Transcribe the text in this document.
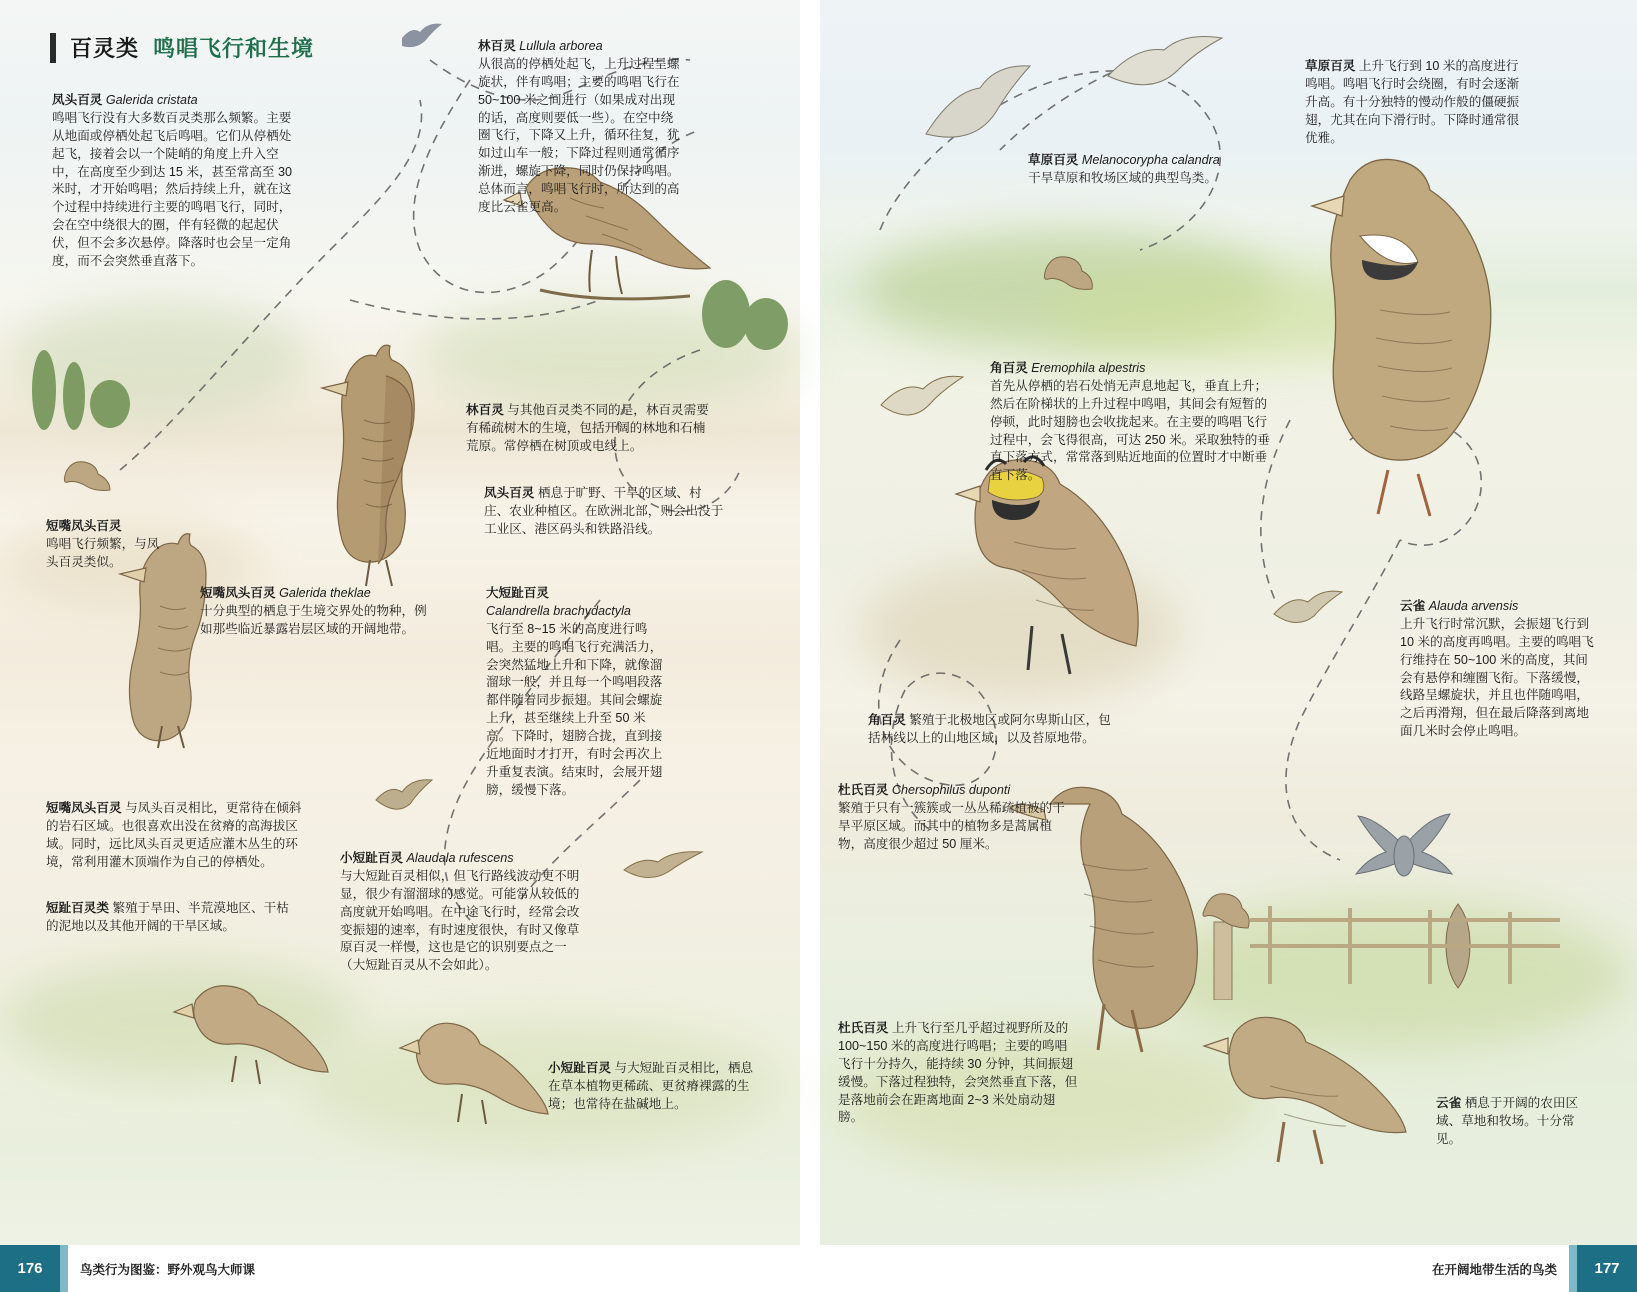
百灵类 鸣唱飞行和生境
凤头百灵 Galerida cristata
鸣唱飞行没有大多数百灵类那么频繁。主要从地面或停栖处起飞后鸣唱。它们从停栖处起飞，接着会以一个陡峭的角度上升入空中，在高度至少到达 15 米，甚至常高至 30 米时，才开始鸣唱；然后持续上升，就在这个过程中持续进行主要的鸣唱飞行，同时，会在空中绕很大的圈，伴有轻微的起起伏伏，但不会多次悬停。降落时也会呈一定角度，而不会突然垂直落下。
林百灵 Lullula arborea
从很高的停栖处起飞，上升过程呈螺旋状，伴有鸣唱；主要的鸣唱飞行在 50~100 米之间进行（如果成对出现的话，高度则要低一些）。在空中绕圈飞行，下降又上升，循环往复，犹如过山车一般；下降过程则通常循序渐进，螺旋下降，同时仍保持鸣唱。总体而言，鸣唱飞行时，所达到的高度比云雀更高。
林百灵 与其他百灵类不同的是，林百灵需要有稀疏树木的生境，包括开阔的林地和石楠荒原。常停栖在树顶或电线上。
凤头百灵 栖息于旷野、干旱的区域、村庄、农业种植区。在欧洲北部，则会出没于工业区、港区码头和铁路沿线。
短嘴凤头百灵
鸣唱飞行频繁，与凤头百灵类似。
短嘴凤头百灵 Galerida theklae
十分典型的栖息于生境交界处的物种，例如那些临近暴露岩层区域的开阔地带。
短嘴凤头百灵 与凤头百灵相比，更常待在倾斜的岩石区域。也很喜欢出没在贫瘠的高海拔区域。同时，远比凤头百灵更适应灌木丛生的环境，常利用灌木顶端作为自己的停栖处。
短趾百灵类 繁殖于旱田、半荒漠地区、干枯的泥地以及其他开阔的干旱区域。
大短趾百灵
Calandrella brachydactyla
飞行至 8~15 米的高度进行鸣唱。主要的鸣唱飞行充满活力，会突然猛地上升和下降，就像溜溜球一般，并且每一个鸣唱段落都伴随着同步振翅。其间会螺旋上升，甚至继续上升至 50 米高。下降时，翅膀合拢，直到接近地面时才打开，有时会再次上升重复表演。结束时，会展开翅膀，缓慢下落。
小短趾百灵 Alaudala rufescens
与大短趾百灵相似，但飞行路线波动更不明显，很少有溜溜球的感觉。可能常从较低的高度就开始鸣唱。在中途飞行时，经常会改变振翅的速率，有时速度很快，有时又像草原百灵一样慢，这也是它的识别要点之一（大短趾百灵从不会如此）。
小短趾百灵 与大短趾百灵相比，栖息在草本植物更稀疏、更贫瘠裸露的生境；也常待在盐碱地上。
草原百灵 上升飞行到 10 米的高度进行鸣唱。鸣唱飞行时会绕圈，有时会逐渐升高。有十分独特的慢动作般的僵硬振翅，尤其在向下滑行时。下降时通常很优雅。
草原百灵 Melanocorypha calandra
干旱草原和牧场区域的典型鸟类。
角百灵 Eremophila alpestris
首先从停栖的岩石处悄无声息地起飞，垂直上升；然后在阶梯状的上升过程中鸣唱，其间会有短暂的停顿，此时翅膀也会收拢起来。在主要的鸣唱飞行过程中，会飞得很高，可达 250 米。采取独特的垂直下落方式，常常落到贴近地面的位置时才中断垂直下落。
角百灵 繁殖于北极地区或阿尔卑斯山区，包括林线以上的山地区域，以及苔原地带。
杜氏百灵 Chersophilus duponti
繁殖于只有一簇簇或一丛丛稀疏植被的干旱平原区域。而其中的植物多是蒿属植物，高度很少超过 50 厘米。
杜氏百灵 上升飞行至几乎超过视野所及的 100~150 米的高度进行鸣唱；主要的鸣唱飞行十分持久，能持续 30 分钟，其间振翅缓慢。下落过程独特，会突然垂直下落，但是落地前会在距离地面 2~3 米处扇动翅膀。
云雀 Alauda arvensis
上升飞行时常沉默，会振翅飞行到 10 米的高度再鸣唱。主要的鸣唱飞行维持在 50~100 米的高度，其间会有悬停和缠圈飞衔。下落缓慢，线路呈螺旋状，并且也伴随鸣唱，之后再滑翔，但在最后降落到离地面几米时会停止鸣唱。
云雀 栖息于开阔的农田区域、草地和牧场。十分常见。
176	鸟类行为图鉴：野外观鸟大师课	177
在开阔地带生活的鸟类
